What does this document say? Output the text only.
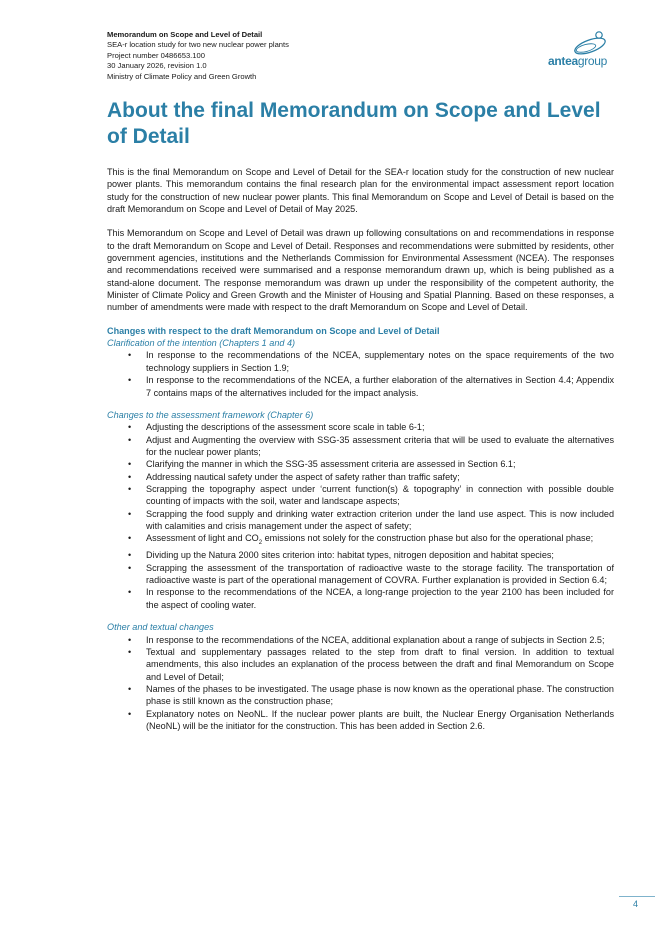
Memorandum on Scope and Level of Detail
SEA-r location study for two new nuclear power plants
Project number 0486653.100
30 January 2026, revision 1.0
Ministry of Climate Policy and Green Growth
anteagroup
About the final Memorandum on Scope and Level of Detail

This is the final Memorandum on Scope and Level of Detail for the SEA-r location study for the construction of new nuclear power plants. This memorandum contains the final research plan for the environmental impact assessment report location study for the construction of new nuclear power plants. This final Memorandum on Scope and Level of Detail is based on the draft Memorandum on Scope and Level of Detail of May 2025.

This Memorandum on Scope and Level of Detail was drawn up following consultations on and recommendations in response to the draft Memorandum on Scope and Level of Detail. Responses and recommendations were submitted by residents, other government agencies, institutions and the Netherlands Commission for Environmental Assessment (NCEA). The responses and recommendations received were summarised and a response memorandum drawn up, which is being published as a stand-alone document. The response memorandum was drawn up under the responsibility of the competent authority, the Minister of Climate Policy and Green Growth and the Minister of Housing and Spatial Planning. Based on these responses, a number of amendments were made with respect to the draft Memorandum on Scope and Level of Detail.

Changes with respect to the draft Memorandum on Scope and Level of Detail

Clarification of the intention (Chapters 1 and 4)

• In response to the recommendations of the NCEA, supplementary notes on the space requirements of the two technology suppliers in Section 1.9;
• In response to the recommendations of the NCEA, a further elaboration of the alternatives in Section 4.4; Appendix 7 contains maps of the alternatives included for the impact analysis.

Changes to the assessment framework (Chapter 6)

• Adjusting the descriptions of the assessment score scale in table 6-1;
• Adjust and Augmenting the overview with SSG-35 assessment criteria that will be used to evaluate the alternatives for the nuclear power plants;
• Clarifying the manner in which the SSG-35 assessment criteria are assessed in Section 6.1;
• Addressing nautical safety under the aspect of safety rather than traffic safety;
• Scrapping the topography aspect under ‘current function(s) & topography’ in connection with possible double counting of impacts with the soil, water and landscape aspects;
• Scrapping the food supply and drinking water extraction criterion under the land use aspect. This is now included with calamities and crisis management under the aspect of safety;
• Assessment of light and $CO_2$ emissions not solely for the construction phase but also for the operational phase;
• Dividing up the Natura 2000 sites criterion into: habitat types, nitrogen deposition and habitat species;
• Scrapping the assessment of the transportation of radioactive waste to the storage facility. The transportation of radioactive waste is part of the operational management of COVRA. Further explanation is provided in Section 6.4;
• In response to the recommendations of the NCEA, a long-range projection to the year 2100 has been included for the aspect of cooling water.

Other and textual changes

• In response to the recommendations of the NCEA, additional explanation about a range of subjects in Section 2.5;
• Textual and supplementary passages related to the step from draft to final version. In addition to textual amendments, this also includes an explanation of the process between the draft and final Memorandum on Scope and Level of Detail;
• Names of the phases to be investigated. The usage phase is now known as the operational phase. The construction phase is still known as the construction phase;
• Explanatory notes on NeoNL. If the nuclear power plants are built, the Nuclear Energy Organisation Netherlands (NeoNL) will be the initiator for the construction. This has been added in Section 2.6.
4
